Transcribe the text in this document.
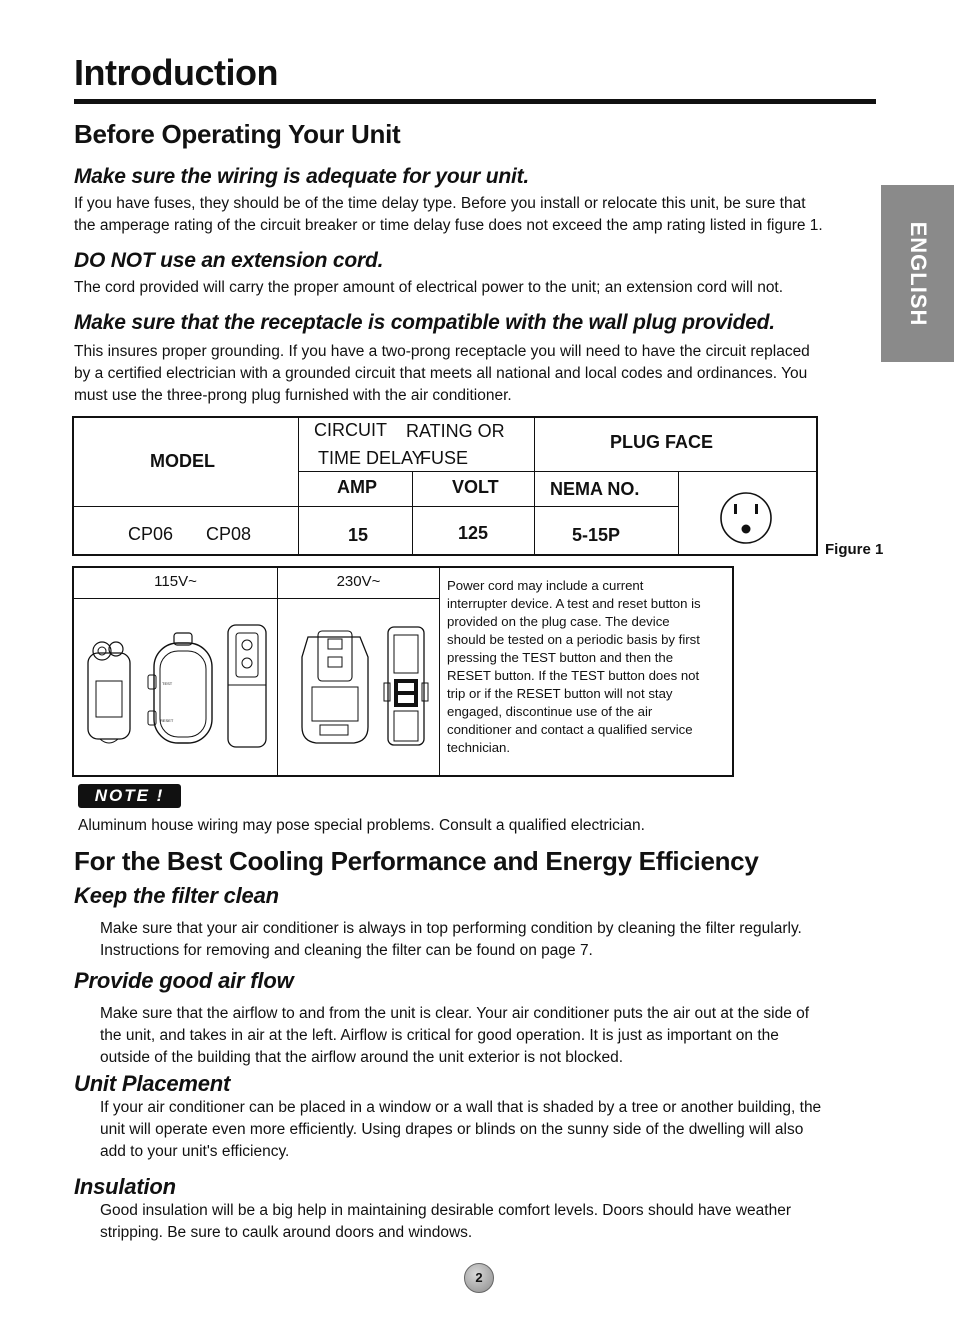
Introduction
ENGLISH
Before Operating Your Unit
Make sure the wiring is adequate for your unit.
If you have fuses, they should be of the time delay type. Before you install or relocate this unit, be sure that
the amperage rating of the circuit breaker or time delay fuse does not exceed the amp rating listed in figure 1.
DO NOT use an extension cord.
The cord provided will carry the proper amount of electrical power to the unit; an extension cord will not.
Make sure that the receptacle is compatible with the wall plug provided.
This insures proper grounding. If you have a two-prong receptacle you will need to have the circuit replaced
by a certified electrician with a grounded circuit that meets all national and local codes and ordinances. You
must use the three-prong plug furnished with the air conditioner.
MODEL
CIRCUIT RATING OR
TIME DELAY
FUSE
AMP	VOLT
PLUG FACE
NEMA NO.
CP06 CP08	15	125	5-15P
Figure 1
115V~	230V~
TEST
RESET
Power cord may include a current
interrupter device. A test and reset button is
provided on the plug case. The device
should be tested on a periodic basis by first
pressing the TEST button and then the
RESET button. If the TEST button does not
trip or if the RESET button will not stay
engaged, discontinue use of the air
conditioner and contact a qualified service
technician.
NOTE !
Aluminum house wiring may pose special problems. Consult a qualified electrician.
For the Best Cooling Performance and Energy Efficiency
Keep the filter clean
Make sure that your air conditioner is always in top performing condition by cleaning the filter regularly.
Instructions for removing and cleaning the filter can be found on page 7.
Provide good air flow
Make sure that the airflow to and from the unit is clear. Your air conditioner puts the air out at the side of
the unit, and takes in air at the left. Airflow is critical for good operation. It is just as important on the
outside of the building that the airflow around the unit exterior is not blocked.
Unit Placement
If your air conditioner can be placed in a window or a wall that is shaded by a tree or another building, the
unit will operate even more efficiently. Using drapes or blinds on the sunny side of the dwelling will also
add to your unit's efficiency.
Insulation
Good insulation will be a big help in maintaining desirable comfort levels. Doors should have weather
stripping. Be sure to caulk around doors and windows.
2
